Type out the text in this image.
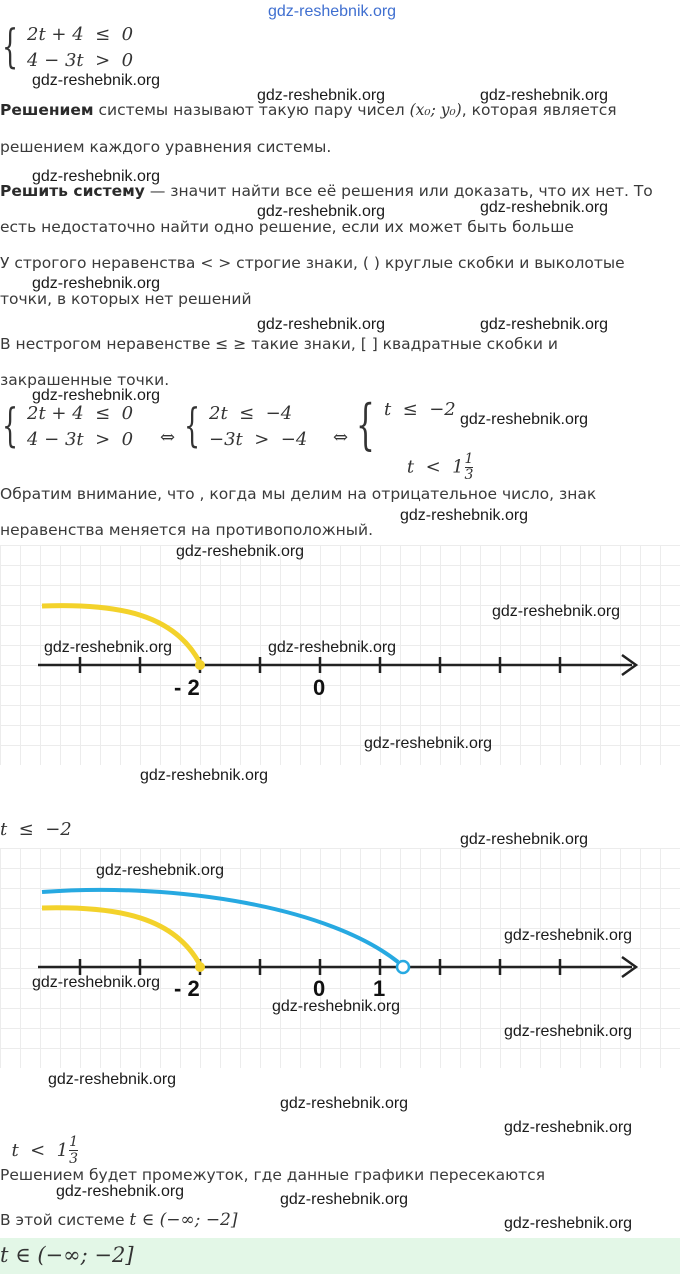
gdz-reshebnik.org
gdz-reshebnik.org
gdz-reshebnik.org	gdz-reshebnik.org
gdz-reshebnik.org
gdz-reshebnik.org	gdz-reshebnik.org
gdz-reshebnik.org
gdz-reshebnik.org	gdz-reshebnik.org
gdz-reshebnik.org
gdz-reshebnik.org
gdz-reshebnik.org
{ 2t + 4  ≤  0
4 − 3t  >  0
Решением системы называют такую пару чисел (x₀; y₀), которая является
решением каждого уравнения системы.
Решить систему — значит найти все её решения или доказать, что их нет. То
есть недостаточно найти одно решение, если их может быть больше
У строгого неравенства < > строгие знаки, ( ) круглые скобки и выколотые
точки, в которых нет решений
В нестрогом неравенстве ≤ ≥ такие знаки, [ ] квадратные скобки и
закрашенные точки.
{ 2t + 4  ≤  0
4 − 3t  >  0 ⇔ { 2t  ≤  −4
−3t  >  −4 ⇔ { t  ≤  −2

$t < 1 \frac{1}{3}$

Обратим внимание, что , когда мы делим на отрицательное число, знак
неравенства меняется на противоположный.
- 2	0
gdz-reshebnik.org
gdz-reshebnik.org
gdz-reshebnik.org	gdz-reshebnik.org
gdz-reshebnik.org
gdz-reshebnik.org
t  ≤  −2	gdz-reshebnik.org
- 2	0 1
gdz-reshebnik.org
gdz-reshebnik.org
gdz-reshebnik.org
gdz-reshebnik.org
gdz-reshebnik.org
gdz-reshebnik.org
gdz-reshebnik.org

$t < 1 \frac{1}{3}$

gdz-reshebnik.org
Решением будет промежуток, где данные графики пересекаются
gdz-reshebnik.org	gdz-reshebnik.org
В этой системе t ∈ (−∞; −2]	gdz-reshebnik.org
t ∈ (−∞; −2]
